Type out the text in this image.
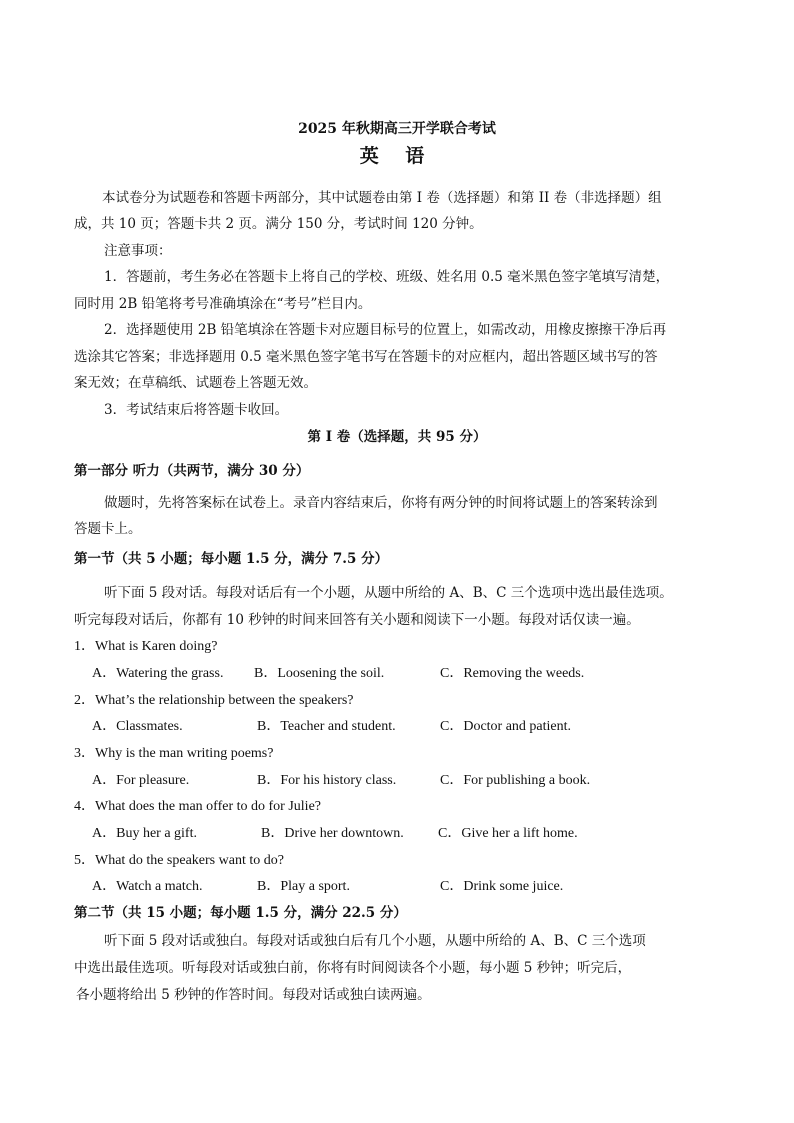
2025 年秋期高三开学联合考试
英 语
本试卷分为试题卷和答题卡两部分，其中试题卷由第 I 卷（选择题）和第 II 卷（非选择题）组
成，共 10 页；答题卡共 2 页。满分 150 分，考试时间 120 分钟。
注意事项：
1．答题前，考生务必在答题卡上将自己的学校、班级、姓名用 0.5 毫米黑色签字笔填写清楚，
同时用 2B 铅笔将考号准确填涂在“考号”栏目内。
2．选择题使用 2B 铅笔填涂在答题卡对应题目标号的位置上，如需改动，用橡皮擦擦干净后再
选涂其它答案；非选择题用 0.5 毫米黑色签字笔书写在答题卡的对应框内，超出答题区域书写的答
案无效；在草稿纸、试题卷上答题无效。
3．考试结束后将答题卡收回。
第 I 卷（选择题，共 95 分）
第一部分 听力（共两节，满分 30 分）
做题时，先将答案标在试卷上。录音内容结束后，你将有两分钟的时间将试题上的答案转涂到
答题卡上。
第一节（共 5 小题；每小题 1.5 分，满分 7.5 分）
听下面 5 段对话。每段对话后有一个小题，从题中所给的 A、B、C 三个选项中选出最佳选项。
听完每段对话后，你都有 10 秒钟的时间来回答有关小题和阅读下一小题。每段对话仅读一遍。
1．What is Karen doing?
A．Watering the grass. B．Loosening the soil.	C．Removing the weeds.
2．What’s the relationship between the speakers?
A．Classmates.	B．Teacher and student.	C．Doctor and patient.
3．Why is the man writing poems?
A．For pleasure.	B．For his history class.	C．For publishing a book.
4．What does the man offer to do for Julie?
A．Buy her a gift.	B．Drive her downtown. C．Give her a lift home.
5．What do the speakers want to do?
A．Watch a match.	B．Play a sport.	C．Drink some juice.
第二节（共 15 小题；每小题 1.5 分，满分 22.5 分）
听下面 5 段对话或独白。每段对话或独白后有几个小题，从题中所给的 A、B、C 三个选项
中选出最佳选项。听每段对话或独白前，你将有时间阅读各个小题，每小题 5 秒钟；听完后，
各小题将给出 5 秒钟的作答时间。每段对话或独白读两遍。
